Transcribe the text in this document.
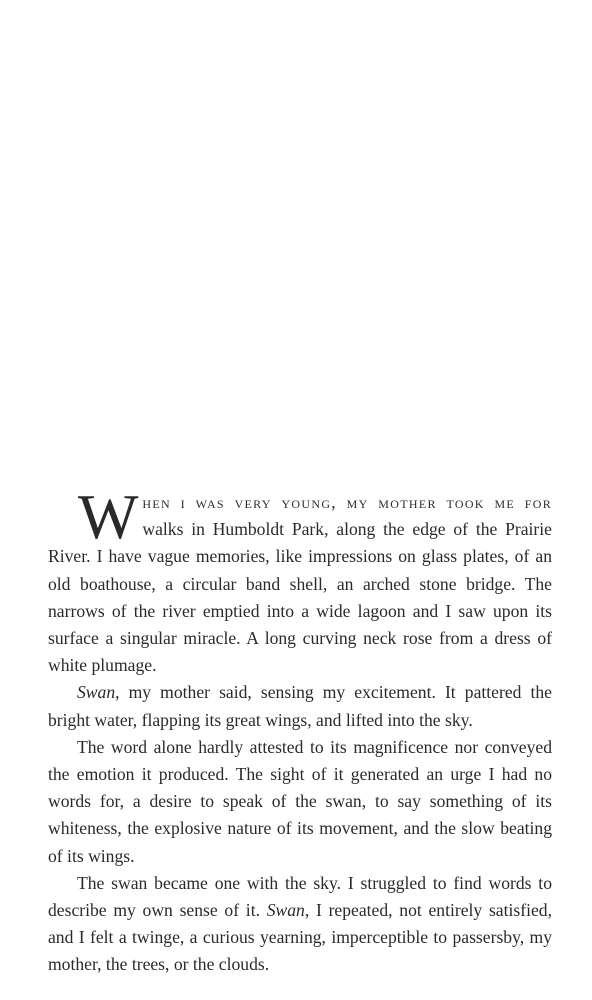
When i was very young, my mother took me for walks in Humboldt Park, along the edge of the Prairie River. I have vague memories, like impressions on glass plates, of an old boathouse, a circular band shell, an arched stone bridge. The narrows of the river emptied into a wide lagoon and I saw upon its surface a singular miracle. A long curving neck rose from a dress of white plumage.

Swan, my mother said, sensing my excitement. It pattered the bright water, flapping its great wings, and lifted into the sky.

The word alone hardly attested to its magnificence nor conveyed the emotion it produced. The sight of it generated an urge I had no words for, a desire to speak of the swan, to say something of its whiteness, the explosive nature of its movement, and the slow beating of its wings.

The swan became one with the sky. I struggled to find words to describe my own sense of it. Swan, I repeated, not entirely satisfied, and I felt a twinge, a curious yearning, imperceptible to passersby, my mother, the trees, or the clouds.
